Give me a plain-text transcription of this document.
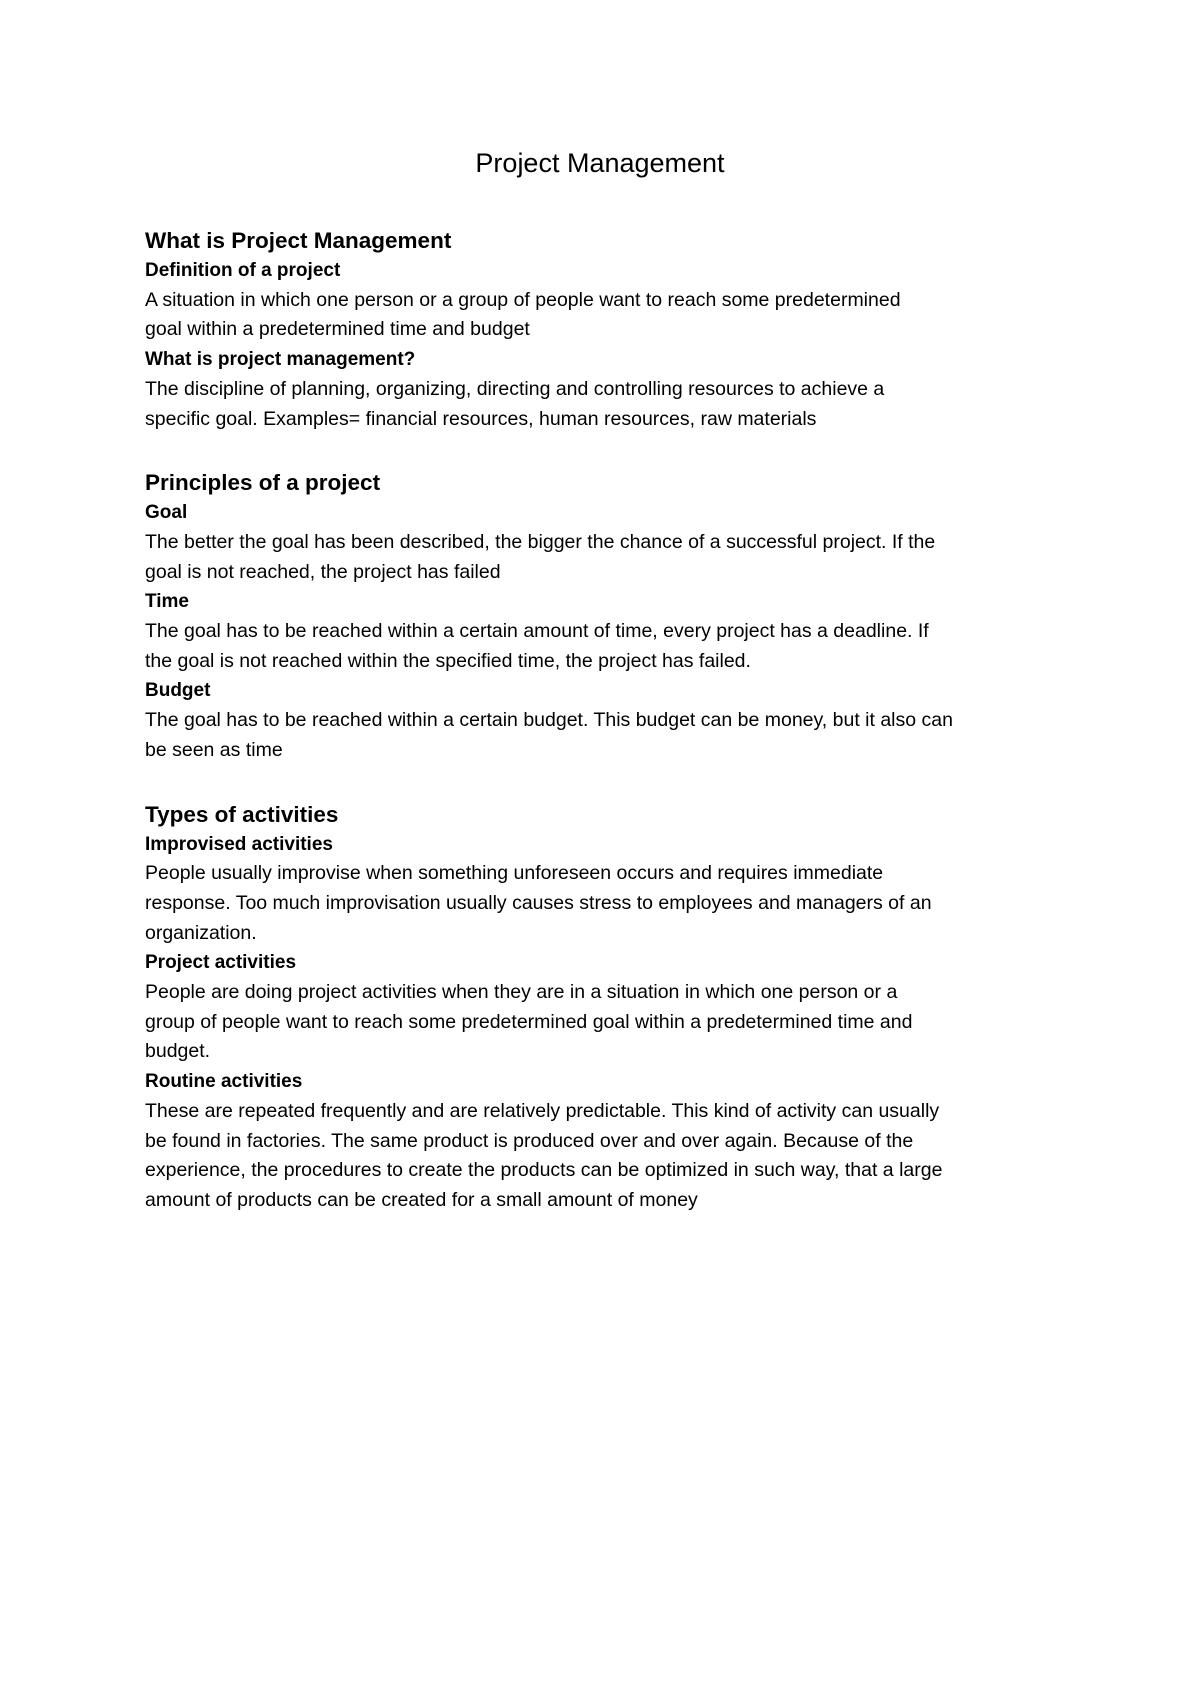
Project Management
What is Project Management
Definition of a project
A situation in which one person or a group of people want to reach some predetermined
goal within a predetermined time and budget
What is project management?
The discipline of planning, organizing, directing and controlling resources to achieve a
specific goal. Examples= financial resources, human resources, raw materials
Principles of a project
Goal
The better the goal has been described, the bigger the chance of a successful project. If the
goal is not reached, the project has failed
Time
The goal has to be reached within a certain amount of time, every project has a deadline. If
the goal is not reached within the specified time, the project has failed.
Budget
The goal has to be reached within a certain budget. This budget can be money, but it also can
be seen as time
Types of activities
Improvised activities
People usually improvise when something unforeseen occurs and requires immediate
response. Too much improvisation usually causes stress to employees and managers of an
organization.
Project activities
People are doing project activities when they are in a situation in which one person or a
group of people want to reach some predetermined goal within a predetermined time and
budget.
Routine activities
These are repeated frequently and are relatively predictable. This kind of activity can usually
be found in factories. The same product is produced over and over again. Because of the
experience, the procedures to create the products can be optimized in such way, that a large
amount of products can be created for a small amount of money
